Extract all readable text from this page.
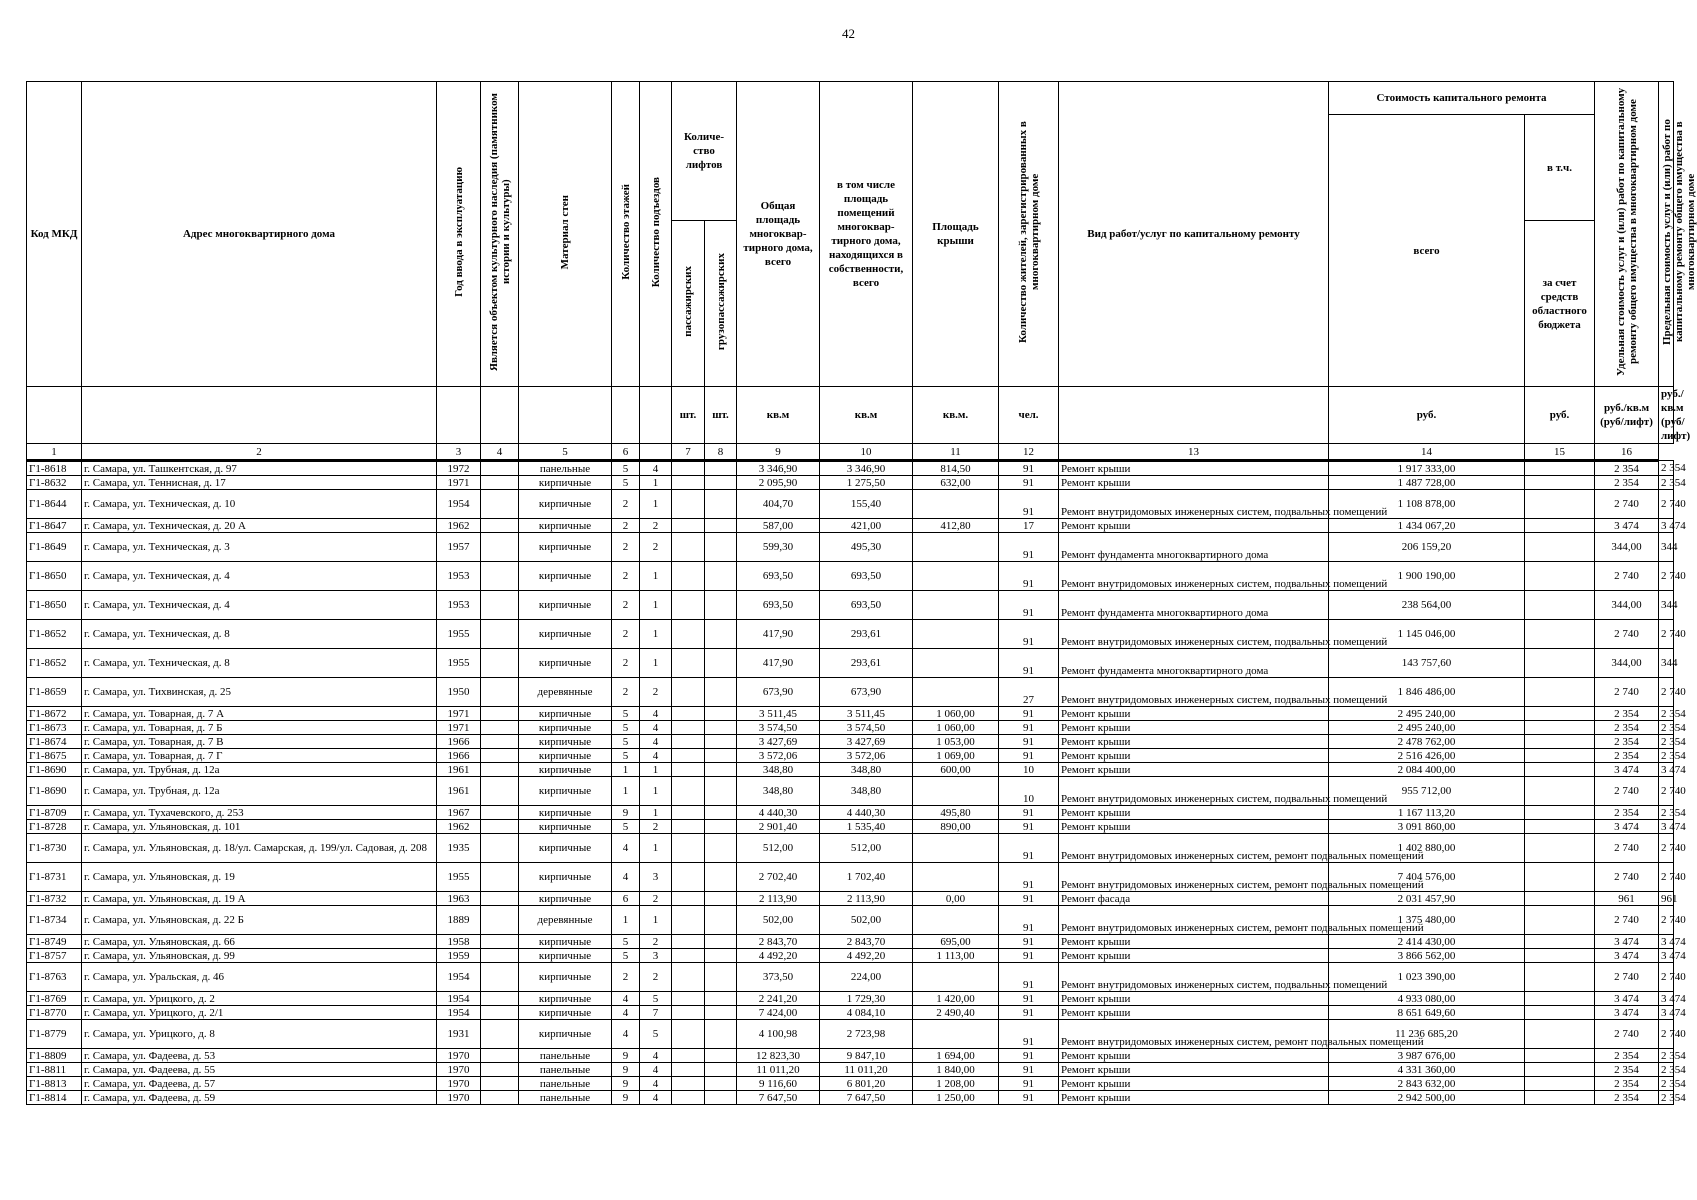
42
Код МКД	Адрес многоквартирного дома	Год ввода в эксплуатацию	Является объектом культурного наследия (памятником истории и культуры)	Материал стен	Количество этажей	Количество подъездов	Количе-ство лифтов		Общая площадь многоквар-тирного дома, всего	в том числе площадь помещений многоквар-тирного дома, находящихся в собственности, всего	Площадь крыши	Количество жителей, зарегистрированных в многоквартирном доме	Вид работ/услуг по капитальному ремонту	Стоимость капитального ремонта		Удельная стоимость услуг и (или) работ по капитальному ремонту общего имущества в многоквартирном доме	Предельная стоимость услуг и (или) работ по капитальному ремонту общего имущества в многоквартирном доме
														всего	в т.ч.		
							пассажирских	грузопассажирских							за счет средств областного бюджета		
							шт.	шт.	кв.м	кв.м	кв.м.	чел.		руб.	руб.	руб./кв.м (руб/лифт)	руб./кв.м (руб/лифт)
1	2	3	4	5	6		7	8	9	10	11	12	13	14	15	16	
Г1-8618	г. Самара, ул. Ташкентская, д. 97	1972		панельные	5	4			3 346,90	3 346,90	814,50	91	Ремонт крыши	1 917 333,00		2 354	2 354
Г1-8632	г. Самара, ул. Теннисная, д. 17	1971		кирпичные	5	1			2 095,90	1 275,50	632,00	91	Ремонт крыши	1 487 728,00		2 354	2 354
Г1-8644	г. Самара, ул. Техническая, д. 10	1954		кирпичные	2	1			404,70	155,40		91	Ремонт внутридомовых инженерных систем, подвальных помещений	1 108 878,00		2 740	2 740
Г1-8647	г. Самара, ул. Техническая, д. 20 А	1962		кирпичные	2	2			587,00	421,00	412,80	17	Ремонт крыши	1 434 067,20		3 474	3 474
Г1-8649	г. Самара, ул. Техническая, д. 3	1957		кирпичные	2	2			599,30	495,30		91	Ремонт фундамента многоквартирного дома	206 159,20		344,00	344
Г1-8650	г. Самара, ул. Техническая, д. 4	1953		кирпичные	2	1			693,50	693,50		91	Ремонт внутридомовых инженерных систем, подвальных помещений	1 900 190,00		2 740	2 740
Г1-8650	г. Самара, ул. Техническая, д. 4	1953		кирпичные	2	1			693,50	693,50		91	Ремонт фундамента многоквартирного дома	238 564,00		344,00	344
Г1-8652	г. Самара, ул. Техническая, д. 8	1955		кирпичные	2	1			417,90	293,61		91	Ремонт внутридомовых инженерных систем, подвальных помещений	1 145 046,00		2 740	2 740
Г1-8652	г. Самара, ул. Техническая, д. 8	1955		кирпичные	2	1			417,90	293,61		91	Ремонт фундамента многоквартирного дома	143 757,60		344,00	344
Г1-8659	г. Самара, ул. Тихвинская, д. 25	1950		деревянные	2	2			673,90	673,90		27	Ремонт внутридомовых инженерных систем, подвальных помещений	1 846 486,00		2 740	2 740
Г1-8672	г. Самара, ул. Товарная, д. 7 А	1971		кирпичные	5	4			3 511,45	3 511,45	1 060,00	91	Ремонт крыши	2 495 240,00		2 354	2 354
Г1-8673	г. Самара, ул. Товарная, д. 7 Б	1971		кирпичные	5	4			3 574,50	3 574,50	1 060,00	91	Ремонт крыши	2 495 240,00		2 354	2 354
Г1-8674	г. Самара, ул. Товарная, д. 7 В	1966		кирпичные	5	4			3 427,69	3 427,69	1 053,00	91	Ремонт крыши	2 478 762,00		2 354	2 354
Г1-8675	г. Самара, ул. Товарная, д. 7 Г	1966		кирпичные	5	4			3 572,06	3 572,06	1 069,00	91	Ремонт крыши	2 516 426,00		2 354	2 354
Г1-8690	г. Самара, ул. Трубная, д. 12а	1961		кирпичные	1	1			348,80	348,80	600,00	10	Ремонт крыши	2 084 400,00		3 474	3 474
Г1-8690	г. Самара, ул. Трубная, д. 12а	1961		кирпичные	1	1			348,80	348,80		10	Ремонт внутридомовых инженерных систем, подвальных помещений	955 712,00		2 740	2 740
Г1-8709	г. Самара, ул. Тухачевского, д. 253	1967		кирпичные	9	1			4 440,30	4 440,30	495,80	91	Ремонт крыши	1 167 113,20		2 354	2 354
Г1-8728	г. Самара, ул. Ульяновская, д. 101	1962		кирпичные	5	2			2 901,40	1 535,40	890,00	91	Ремонт крыши	3 091 860,00		3 474	3 474
Г1-8730	г. Самара, ул. Ульяновская, д. 18/ул. Самарская, д. 199/ул. Садовая, д. 208	1935		кирпичные	4	1			512,00	512,00		91	Ремонт внутридомовых инженерных систем, ремонт подвальных помещений	1 402 880,00		2 740	2 740
Г1-8731	г. Самара, ул. Ульяновская, д. 19	1955		кирпичные	4	3			2 702,40	1 702,40		91	Ремонт внутридомовых инженерных систем, ремонт подвальных помещений	7 404 576,00		2 740	2 740
Г1-8732	г. Самара, ул. Ульяновская, д. 19 А	1963		кирпичные	6	2			2 113,90	2 113,90	0,00	91	Ремонт фасада	2 031 457,90		961	961
Г1-8734	г. Самара, ул. Ульяновская, д. 22 Б	1889		деревянные	1	1			502,00	502,00		91	Ремонт внутридомовых инженерных систем, ремонт подвальных помещений	1 375 480,00		2 740	2 740
Г1-8749	г. Самара, ул. Ульяновская, д. 66	1958		кирпичные	5	2			2 843,70	2 843,70	695,00	91	Ремонт крыши	2 414 430,00		3 474	3 474
Г1-8757	г. Самара, ул. Ульяновская, д. 99	1959		кирпичные	5	3			4 492,20	4 492,20	1 113,00	91	Ремонт крыши	3 866 562,00		3 474	3 474
Г1-8763	г. Самара, ул. Уральская, д. 46	1954		кирпичные	2	2			373,50	224,00		91	Ремонт внутридомовых инженерных систем, подвальных помещений	1 023 390,00		2 740	2 740
Г1-8769	г. Самара, ул. Урицкого, д. 2	1954		кирпичные	4	5			2 241,20	1 729,30	1 420,00	91	Ремонт крыши	4 933 080,00		3 474	3 474
Г1-8770	г. Самара, ул. Урицкого, д. 2/1	1954		кирпичные	4	7			7 424,00	4 084,10	2 490,40	91	Ремонт крыши	8 651 649,60		3 474	3 474
Г1-8779	г. Самара, ул. Урицкого, д. 8	1931		кирпичные	4	5			4 100,98	2 723,98		91	Ремонт внутридомовых инженерных систем, ремонт подвальных помещений	11 236 685,20		2 740	2 740
Г1-8809	г. Самара, ул. Фадеева, д. 53	1970		панельные	9	4			12 823,30	9 847,10	1 694,00	91	Ремонт крыши	3 987 676,00		2 354	2 354
Г1-8811	г. Самара, ул. Фадеева, д. 55	1970		панельные	9	4			11 011,20	11 011,20	1 840,00	91	Ремонт крыши	4 331 360,00		2 354	2 354
Г1-8813	г. Самара, ул. Фадеева, д. 57	1970		панельные	9	4			9 116,60	6 801,20	1 208,00	91	Ремонт крыши	2 843 632,00		2 354	2 354
Г1-8814	г. Самара, ул. Фадеева, д. 59	1970		панельные	9	4			7 647,50	7 647,50	1 250,00	91	Ремонт крыши	2 942 500,00		2 354	2 354
